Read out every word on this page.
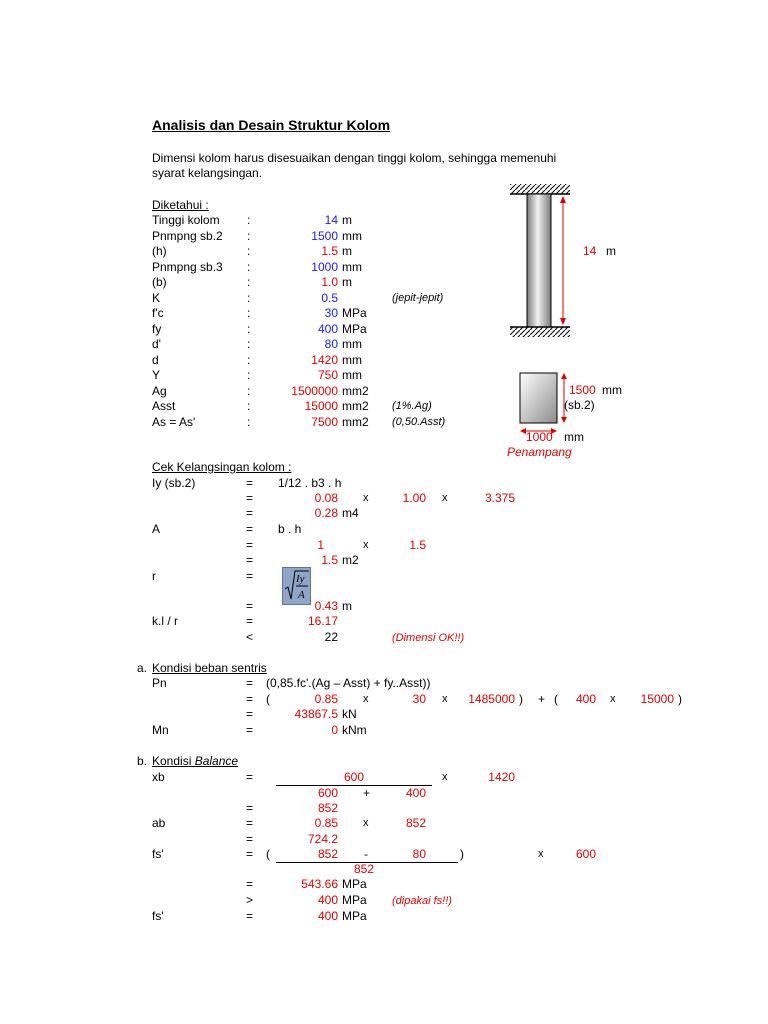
Analisis dan Desain Struktur Kolom
Dimensi kolom harus disesuaikan dengan tinggi kolom, sehingga memenuhi
syarat kelangsingan.
Diketahui :
Tinggi kolom :	14 m
Pnmpng sb.2 :	1500 mm
(h)	:	1.5 m
Pnmpng sb.3 :	1000 mm
(b)	:	1.0 m
K	:	0.5	(jepit-jepit)
f'c	:	30 MPa
fy	:	400 MPa
d'	:	80 mm
d	:	1420 mm
Y	:	750 mm
Ag	:	1500000 mm2
Asst	:	15000 mm2 (1%.Ag)
As = As'	:	7500 mm2 (0,50.Asst)
14 m
1500 mm
(sb.2)
1000 mm
Penampang
Cek Kelangsingan kolom :
Iy (sb.2)	= 1/12 . b3 . h
=	0.08 x	1.00 x	3.375
=	0.28 m4
A	= b . h
=	1	x	1.5
=	1.5 m2
r	=	Iy
A
=	0.43 m
k.l / r	=	16.17
<	22	(Dimensi OK!!)
a. Kondisi beban sentris
Pn	= (0,85.fc'.(Ag – Asst) + fy..Asst))
= (	0.85 x	30 x	1485000 ) + (	400 x	15000 )
=	43867.5 kN
Mn	=	0 kNm
b. Kondisi Balance
xb	=	600	x	1420
600 +	400
=	852
ab	=	0.85 x	852
=	724.2
fs'	= (	852 -	80	)	x	600
852
=	543.66 MPa
>	400 MPa (dipakai fs!!)
fs'	=	400 MPa
